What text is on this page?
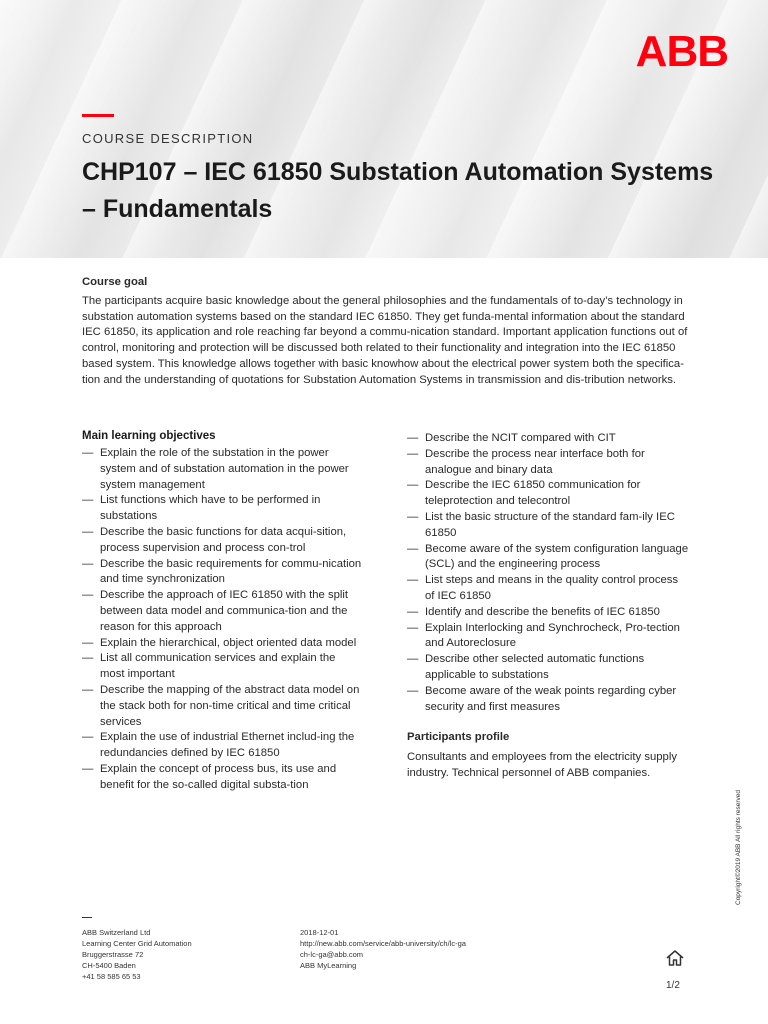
ABB
COURSE DESCRIPTION
CHP107 – IEC 61850 Substation Automation Systems – Fundamentals

Course goal

The participants acquire basic knowledge about the general philosophies and the fundamentals of to-day’s technology in substation automation systems based on the standard IEC 61850. They get funda-mental information about the standard IEC 61850, its application and role reaching far beyond a commu-nication standard. Important application functions out of control, monitoring and protection will be discussed both related to their functionality and integration into the IEC 61850 based system. This knowledge allows together with basic knowhow about the electrical power system both the specifica-tion and the understanding of quotations for Substation Automation Systems in transmission and dis-tribution networks.

Main learning objectives

— Explain the role of the substation in the power system and of substation automation in the power system management
— List functions which have to be performed in substations
— Describe the basic functions for data acqui-sition, process supervision and process con-trol
— Describe the basic requirements for commu-nication and time synchronization
— Describe the approach of IEC 61850 with the split between data model and communica-tion and the reason for this approach
— Explain the hierarchical, object oriented data model
— List all communication services and explain the most important
— Describe the mapping of the abstract data model on the stack both for non-time critical and time critical services
— Explain the use of industrial Ethernet includ-ing the redundancies defined by IEC 61850
— Explain the concept of process bus, its use and benefit for the so-called digital substa-tion
— Describe the NCIT compared with CIT
— Describe the process near interface both for analogue and binary data
— Describe the IEC 61850 communication for teleprotection and telecontrol
— List the basic structure of the standard fam-ily IEC 61850
— Become aware of the system configuration language (SCL) and the engineering process
— List steps and means in the quality control process of IEC 61850
— Identify and describe the benefits of IEC 61850
— Explain Interlocking and Synchrocheck, Pro-tection and Autoreclosure
— Describe other selected automatic functions applicable to substations
— Become aware of the weak points regarding cyber security and first measures

Participants profile

Consultants and employees from the electricity supply industry. Technical personnel of ABB companies.

Copyright©2019 ABB All rights reserved
ABB Switzerland Ltd
Learning Center Grid Automation
Bruggerstrasse 72
CH-5400 Baden
+41 58 585 65 53
2018-12-01
http://new.abb.com/service/abb-university/ch/lc-ga
ch-lc-ga@abb.com
ABB MyLearning
1/2
